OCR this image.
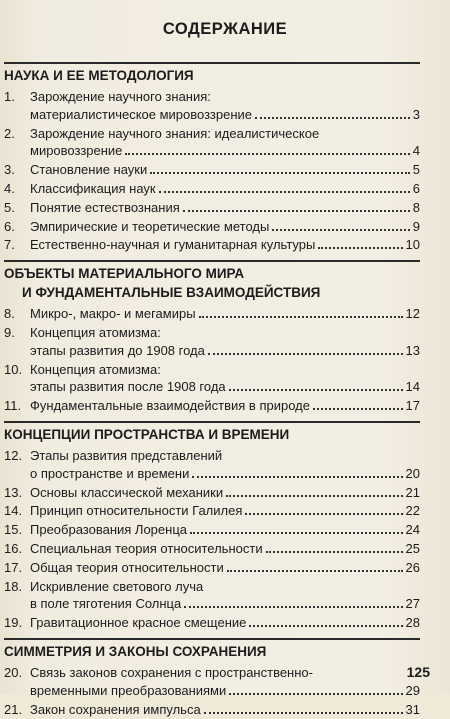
СОДЕРЖАНИЕ
НАУКА И ЕЕ МЕТОДОЛОГИЯ
1.	Зарождение научного знания:
материалистическое мировоззрение	3
2.	Зарождение научного знания: идеалистическое
мировоззрение	4
3.	Становление науки	5
4.	Классификация наук	6
5.	Понятие естествознания	8
6.	Эмпирические и теоретические методы	9
7.	Естественно-научная и гуманитарная культуры	10
ОБЪЕКТЫ МАТЕРИАЛЬНОГО МИРА
И ФУНДАМЕНТАЛЬНЫЕ ВЗАИМОДЕЙСТВИЯ
8.	Микро-, макро- и мегамиры	12
9.	Концепция атомизма:
этапы развития до 1908 года	13
10. Концепция атомизма:
этапы развития после 1908 года	14
11. Фундаментальные взаимодействия в природе	17
КОНЦЕПЦИИ ПРОСТРАНСТВА И ВРЕМЕНИ
12. Этапы развития представлений
о пространстве и времени	20
13. Основы классической механики	21
14. Принцип относительности Галилея	22
15. Преобразования Лоренца	24
16. Специальная теория относительности	25
17. Общая теория относительности	26
18. Искривление светового луча
в поле тяготения Солнца	27
19. Гравитационное красное смещение	28
СИММЕТРИЯ И ЗАКОНЫ СОХРАНЕНИЯ
20. Связь законов сохранения с пространственно-
временными преобразованиями	29
21. Закон сохранения импульса	31
125
